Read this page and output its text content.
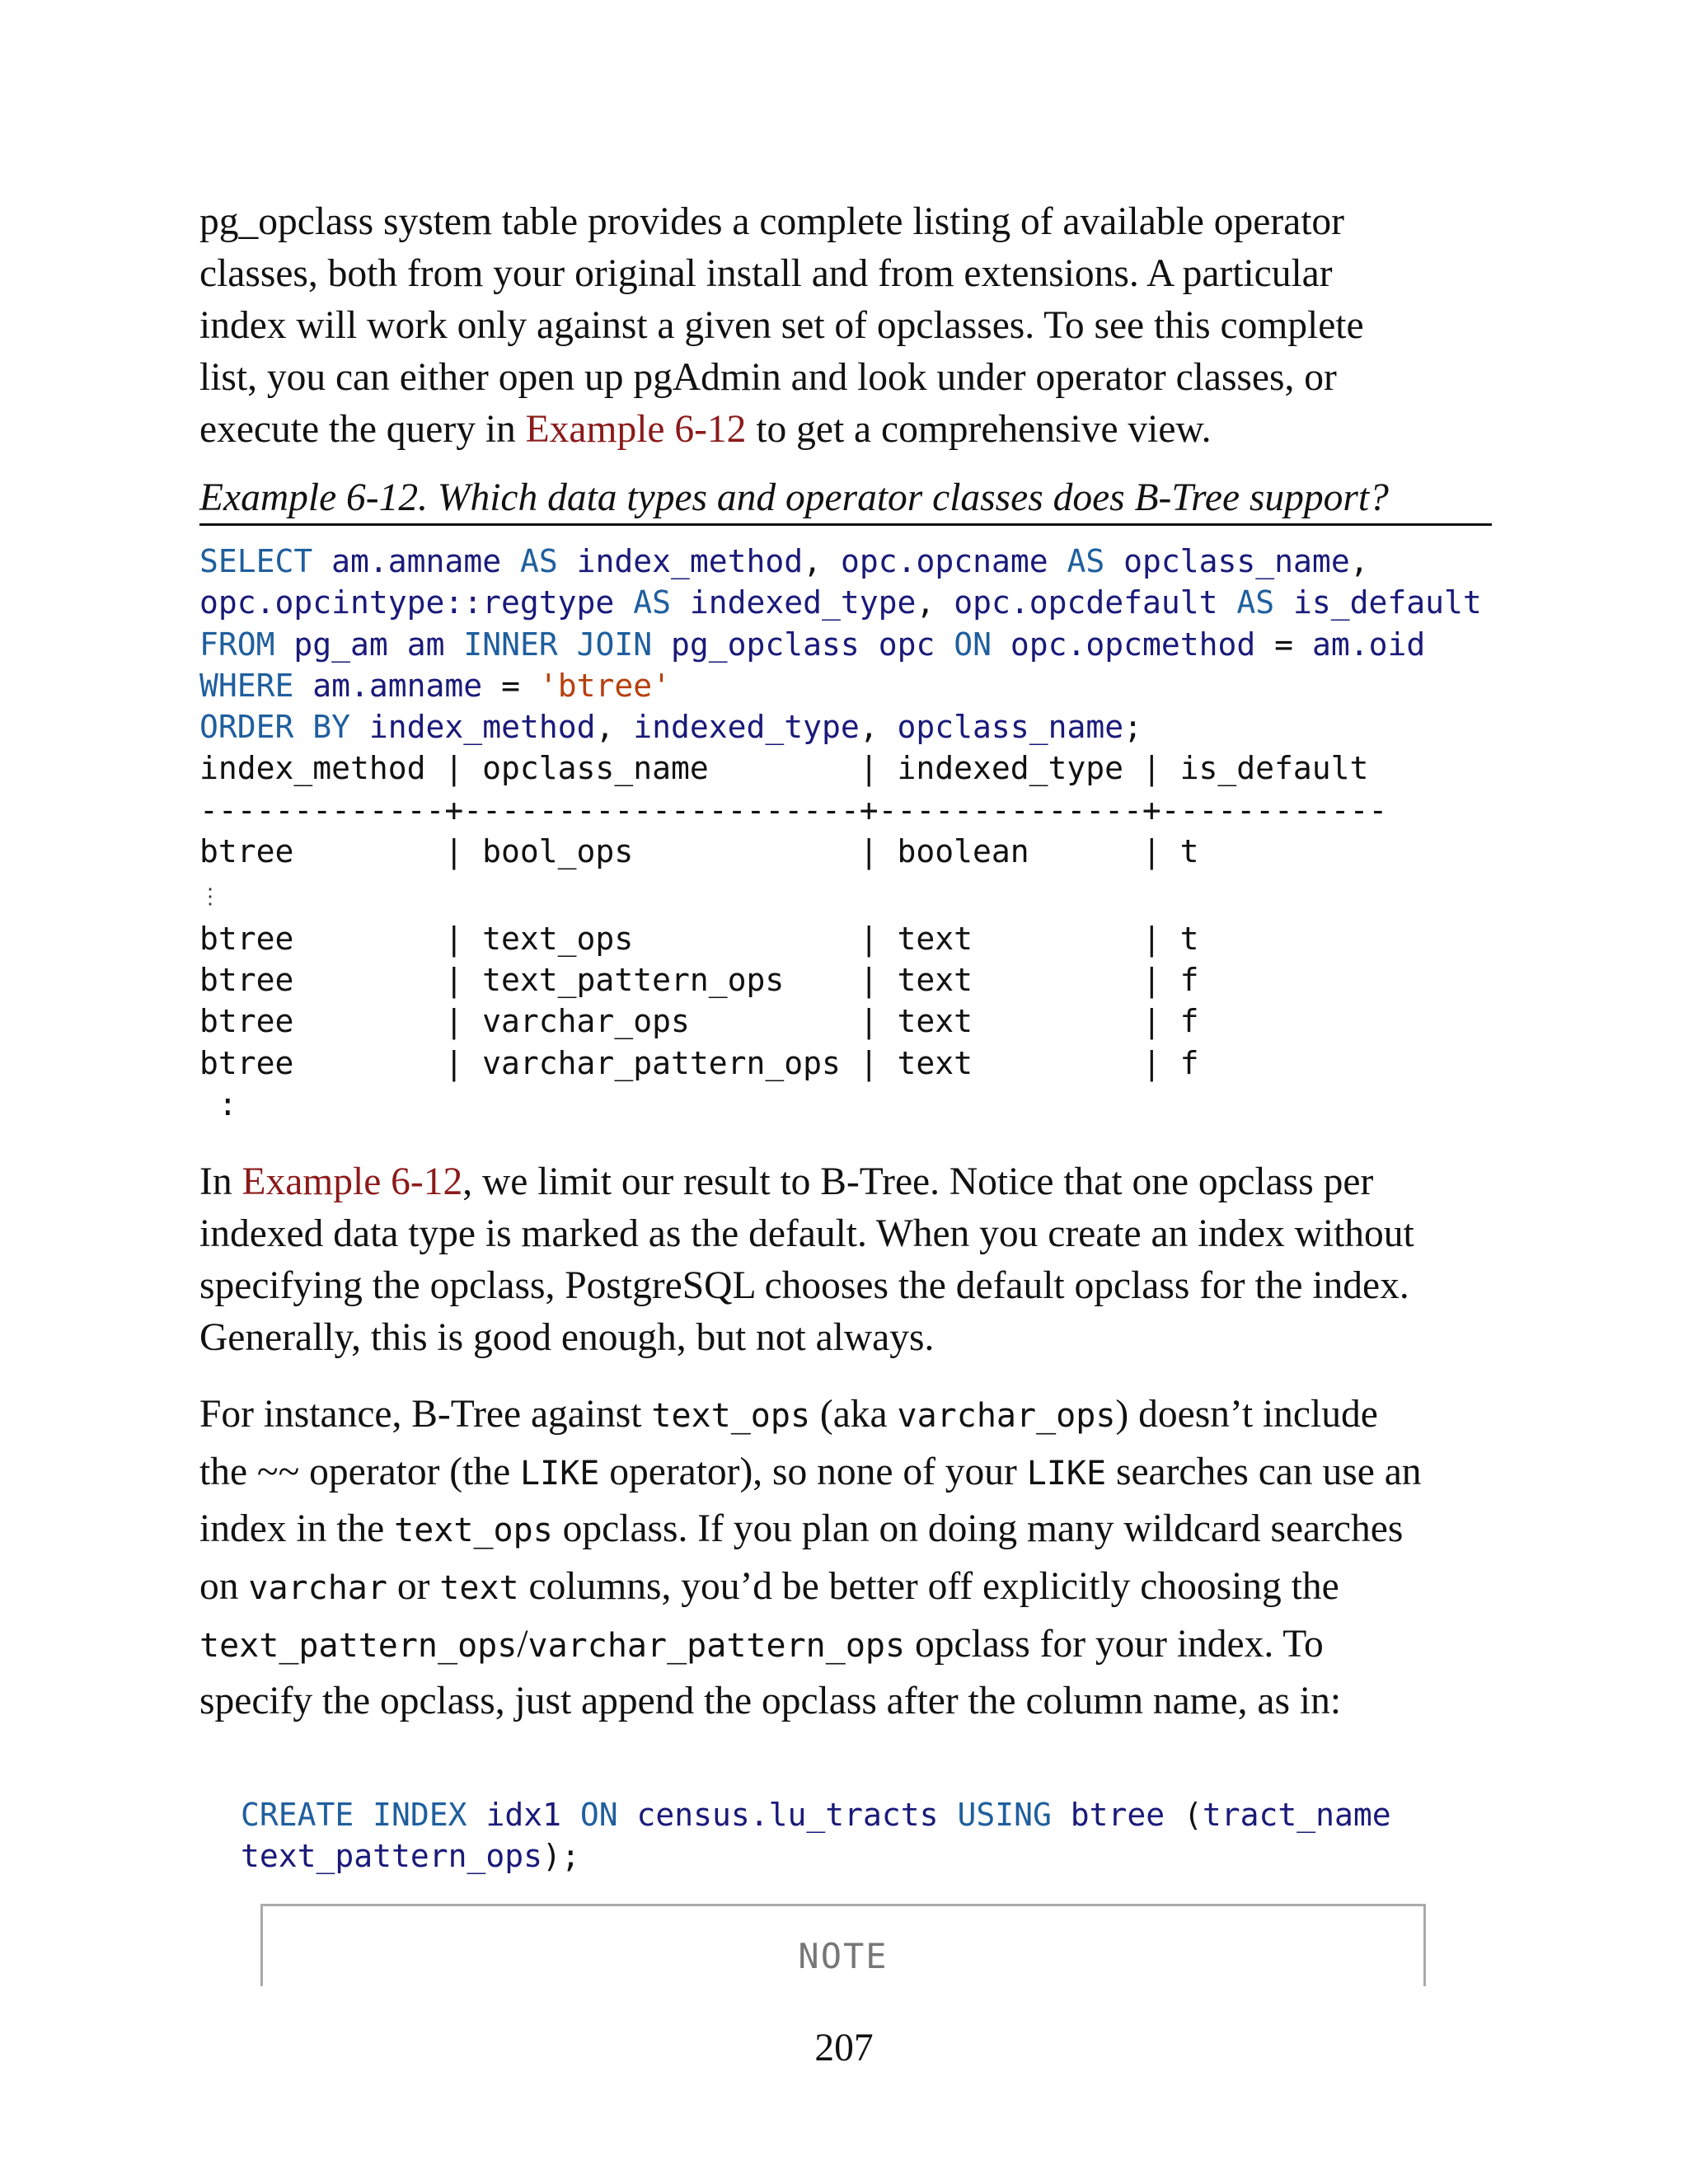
pg_opclass system table provides a complete listing of available operator
classes, both from your original install and from extensions. A particular
index will work only against a given set of opclasses. To see this complete
list, you can either open up pgAdmin and look under operator classes, or
execute the query in Example 6-12 to get a comprehensive view.

Example 6-12. Which data types and operator classes does B-Tree support?
SELECT am.amname AS index_method, opc.opcname AS opclass_name,
opc.opcintype::regtype AS indexed_type, opc.opcdefault AS is_default
FROM pg_am am INNER JOIN pg_opclass opc ON opc.opcmethod = am.oid
WHERE am.amname = 'btree'
ORDER BY index_method, indexed_type, opclass_name;
index_method | opclass_name        | indexed_type | is_default
-------------+---------------------+--------------+------------
btree        | bool_ops            | boolean      | t
⋮
btree        | text_ops            | text         | t
btree        | text_pattern_ops    | text         | f
btree        | varchar_ops         | text         | f
btree        | varchar_pattern_ops | text         | f
:

In Example 6-12, we limit our result to B-Tree. Notice that one opclass per
indexed data type is marked as the default. When you create an index without
specifying the opclass, PostgreSQL chooses the default opclass for the index.
Generally, this is good enough, but not always.

For instance, B-Tree against text_ops (aka varchar_ops) doesn’t include
the ~~ operator (the LIKE operator), so none of your LIKE searches can use an
index in the text_ops opclass. If you plan on doing many wildcard searches
on varchar or text columns, you’d be better off explicitly choosing the
text_pattern_ops/varchar_pattern_ops opclass for your index. To
specify the opclass, just append the opclass after the column name, as in:

CREATE INDEX idx1 ON census.lu_tracts USING btree (tract_name
text_pattern_ops);
NOTE
207
